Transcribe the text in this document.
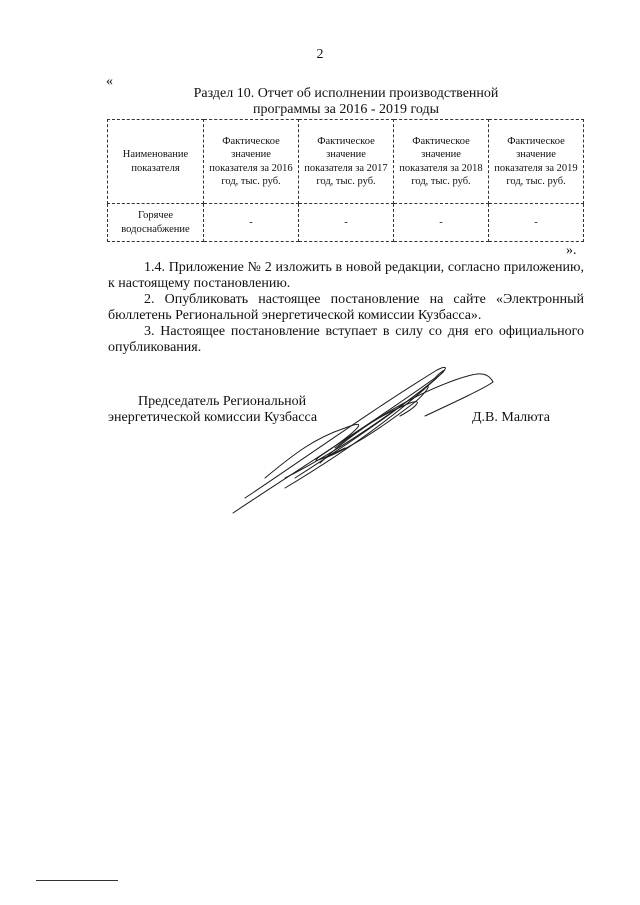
2
«
Раздел 10. Отчет об исполнении производственной
программы за 2016 - 2019 годы
Наименование показателя	Фактическое значение показателя за 2016 год, тыс. руб.	Фактическое значение показателя за 2017 год, тыс. руб.	Фактическое значение показателя за 2018 год, тыс. руб.	Фактическое значение показателя за 2019 год, тыс. руб.
Горячее водоснабжение	-	-	-	-
».

1.4. Приложение № 2 изложить в новой редакции, согласно приложению, к настоящему постановлению.

2. Опубликовать настоящее постановление на сайте «Электронный бюллетень Региональной энергетической комиссии Кузбасса».

3. Настоящее постановление вступает в силу со дня его официального опубликования.

Председатель Региональной энергетической комиссии Кузбасса	Д.В. Малюта
